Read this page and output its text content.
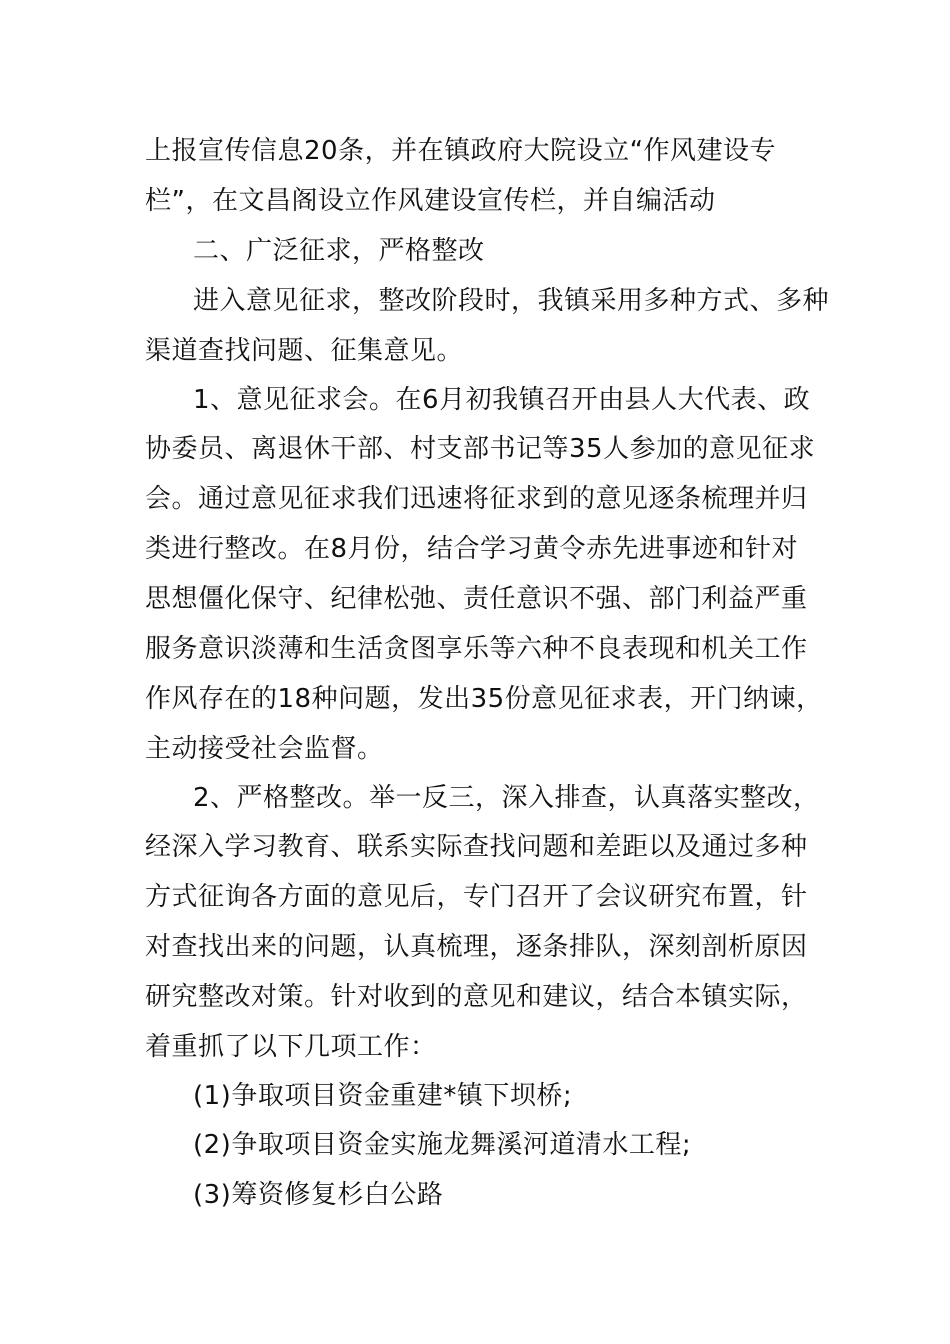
上报宣传信息20条，并在镇政府大院设立“作风建设专
栏”，在文昌阁设立作风建设宣传栏，并自编活动
二、广泛征求，严格整改
进入意见征求，整改阶段时，我镇采用多种方式、多种
渠道查找问题、征集意见。
1、意见征求会。在6月初我镇召开由县人大代表、政
协委员、离退休干部、村支部书记等35人参加的意见征求
会。通过意见征求我们迅速将征求到的意见逐条梳理并归
类进行整改。在8月份，结合学习黄令赤先进事迹和针对
思想僵化保守、纪律松弛、责任意识不强、部门利益严重
服务意识淡薄和生活贪图享乐等六种不良表现和机关工作
作风存在的18种问题，发出35份意见征求表，开门纳谏，
主动接受社会监督。
2、严格整改。举一反三，深入排查，认真落实整改，
经深入学习教育、联系实际查找问题和差距以及通过多种
方式征询各方面的意见后，专门召开了会议研究布置，针
对查找出来的问题，认真梳理，逐条排队，深刻剖析原因
研究整改对策。针对收到的意见和建议，结合本镇实际，
着重抓了以下几项工作：
(1)争取项目资金重建*镇下坝桥;
(2)争取项目资金实施龙舞溪河道清水工程;
(3)筹资修复杉白公路
